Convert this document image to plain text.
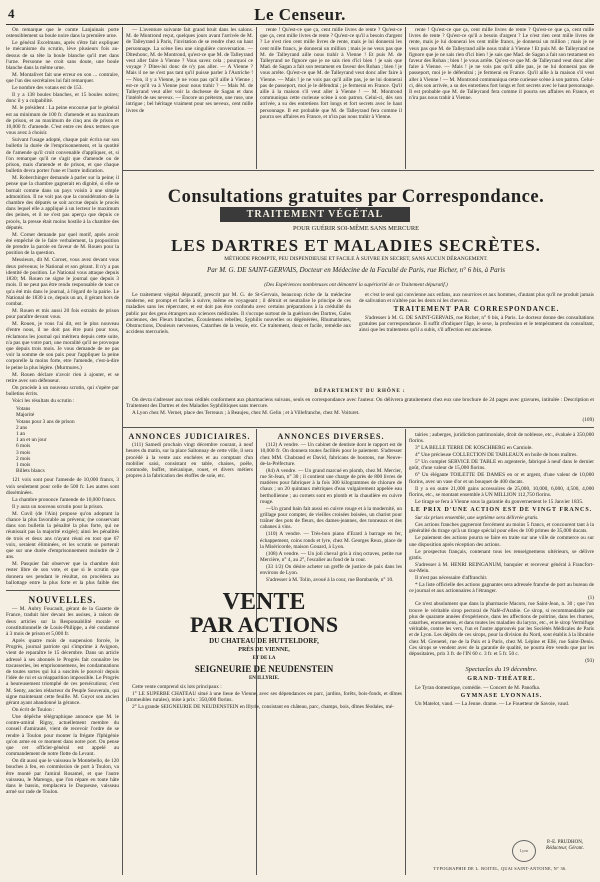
4	Le Censeur.

On remarque que le comte Lanjuinais porte ostensiblement sa boule noire dans la première urne.

Le général Excelmans, après s'être fait expliquer le mécanisme du scrutin, lève plusieurs fois au-dessus de sa tête la boule blanche qu'il met dans l'urne. Personne ne croit sans doute, une boule blanche dans la même urne.

M. Montalivet fait une erreur en son ... contraire, que l'un des secrétaires lui fait remarquer.

Le nombre des votans est de 153.

Il y a 138 boules blanches, et 15 boules noires; donc il y a culpabilité.

M. le président : La peine encourue par le général est au minimum de 100 fr. d'amende et au maximum de prison, et au maximum de cinq ans de prison et 10,000 fr. d'amende. C'est entre ces deux termes que vous avez à choisir.

Suivant l'usage adopté, chaque pair écrira sur son bulletin la durée de l'emprisonnement, et la quotité de l'amende qu'il croit convenable d'appliquer, et, si l'on remarque qu'il ne s'agit que d'amende ou de prison, mais d'amende et de prison, et que chaque bulletin devra porter l'une et l'autre indication.

M. Roberchinger demande à parler sur la peine; il pense que la chambre gagnerait en dignité, si elle se bornait comme dans un pays voisin à une simple admonition. Il ne voit pas que la considération de la chambre des députés se soit accrue depuis le procès dans lequel elle a appliqué à un lecteur le maximum des peines, et il ne s'est pas aperçu que depuis ce procès, la presse était moins hostile à la chambre des députés.

M. Cornet demande par quel motif, après avoir été empêché de le faire verbalement, la proposition de prendre la parole en faveur de M. Rouen pour la position de la question.

Messieurs, dit M. Cornet, vous avez devant vous deux prévenus; le National et son gérant. Il n'y a pas identité de position. Le National vous attaque depuis 1830; M. Rouen ne signe le journal que depuis 3 mois. Il ne peut pas être rendu responsable de tout ce qu'a été mis dans le journal, à l'égard de la pairie. Le National de 1830 à ce, depuis un an, il gérant hors de combat.

M. Rouen et mis aussi 20 fois extraits de prison pour paraître devant vous.

M. Rouen, je vous l'ai dit, est le plus nouveau d'entre nous, il ne doit pas être puni pour tous, réclamons les journal qui méritera depuis cette suite, n'a pas que votre part, une moralité qu'il ne provoque que depuis trois mois. Je vous demande de ne pas voir la somme de son paix pour l'appliquer la peine corporelle la moins forte, etre l'amende, c'est-à-dire le peine la plus légère. (Murmures.)

M. Rouen déclare n'avoir rien à ajouter, et se retire avec son défenseur.

On procède à un nouveau scrutin, qui s'opère par bulletins écrits.

Voici les résultats du scrutin :

Votans
Majorité
Votans pour 3 ans de prison
2 ans
1 an
1 an et un jour
6 mois
3 mois
2 mois
1 mois
Billets blancs

121 voix sont pour l'amende de 10,000 francs, 3 voix seulement pour celle de 500 fr. Les autres sont disséminées.

La chambre prononce l'amende de 10,000 francs.

Il y aura un nouveau scrutin pour la prison.

M. Cuvil (de l'Ain) propose qu'on adoptant la chance la plus favorable au prévenu; (ne conservant dans son bulletin la pénalité la plus forte, qui ne réunissait pas la majorité exigée); ainsi les pénalités de trois et deux ans n'ayant réuni en tout que 67 voix, seraient éliminées, et les scrutin se porterait que sur une durée d'emprisonnement moindre de 2 ans.

M. Pasquier fait observer que la chambre doit rester libre de son vote, et que si le scrutin que donnera ses pendant le résultat, on procédera au ballottage entre la plus forte et la plus faible des

NOUVELLES.

— M. Aubry Foucault, gérant de la Gazette de France, traduit hier devant les assises, à raison de deux articles sur la Responsabilité morale et constitutionnelle de Louis-Philippe, a été condamné à 3 mois de prison et 5,000 fr.

Après quatre mois de suspension forcée, le Progrès, journal patriote qui s'imprime à Avignon, vient de reparaître le 15 décembre. Dans un article adressé à ses abonnés le Progrès fait connaître les tracasseries, les emprisonnemens, les condamnations de toutes sortes qui lui a suscités le pouvoir depuis l'idée de roi et sa réapparition impossible. Le Progrès a heureusement triomphé de ces persécutions; c'est M. Senty, ancien rédacteur du Peuple Souverain, qui signe maintenant cette feuille. M. Guyot son ancien gérant ayant abandonné la gérance.

On écrit de Toulon :

Une dépêche télégraphique annonce que M. le contre-amiral Rigny, actuellement membre du conseil d'amirauté, vient de recevoir l'ordre de se rendre à Toulon pour monter la frégate l'Iphigénie qu'on arme en ce moment dans notre port. On pense que cet officier-général est appelé au commandement de notre flotte du Levant.

On dit aussi que le vaisseau le Montebello, de 120 bouches à feu, en commission de port à Toulon, va être monté par l'amiral Rosamel, et que l'autre vaisseau, le Marengo, que l'on répare en toute hâte dans le bassin, remplacera le Duquesne, vaisseau armé sur rade de Toulon.

— L'aventure suivante fait grand bruit dans les salons. M. de Montrond reçut, quelques jours avant l'arrivée de M. de Talleyrand à Paris, l'invitation de se rendre chez un haut personnage. La scène lieu une singulière conversation. — Diteshonc, M. de Montrond, qu'est-ce que M. de Talleyrand veut aller faire à Vienne ? Vous savez cela ; pourquoi ce voyage ? Dites-lui donc de n'y pas aller. — A Vienne ? Mais il ne ne s'est pas tant qu'il puisse parler à l'Autriche ! — Non, il y a Vienne, je ne vous pas qu'il aille à Vienne ; est-ce qu'il va à Vienne pour nous trahir ? — Mais M. de Talleyrand veut aller voir la duchesse de Sagan et dans l'intérêt de ses neveux. — Encore un prétexte, une ruse, une intrigue ; bel héritage vraiment pour ses neveux, cent mille livres de

rente ! Qu'est-ce que ça, cent mille livres de rente ? Qu'est-ce que ça, cent mille livres de rente ? Qu'est-ce qu'il a besoin d'argent ? Le n'est rien cent mille livres de rente, mais je lui donnerai les cent mille francs, je donnerai un million ; mais je ne veux pas que M. de Talleyrand aille nous trahir à Vienne ! Et puis M. de Talleyrand ne fignore que je ne sais rien d'ici bien ! je sais que Mad. de Sagan a fait son testament en faveur des Rohan ; bien ! je vous arrête. Qu'est-ce que M. de Talleyrand veut donc aller faire à Vienne. — Mais ! je ne vois pas qu'il aille pas, je ne lui donnerai pas de passeport, moi je le défendrai ; je fermerai en France. Qu'il aille à la maison s'il veut aller à Vienne ! — M. Montrond communiqua cette curieuse scène à son patron. Celui-ci, dès son arrivée, a su des entretiens fort longs et fort secrets avec le haut personnage. Il est probable que M. de Talleyrand fera comme il pourra ses affaires en France, et n'ira pas nous trahir à Vienne.

rente ! Qu'est-ce que ça, cent mille livres de rente ? Qu'est-ce que ça, cent mille livres de rente ? Qu'est-ce qu'il a besoin d'argent ? Le n'est rien cent mille livres de rente, mais je lui donnerai les cent mille francs, je donnerai un million ; mais je ne veux pas que M. de Talleyrand aille nous trahir à Vienne ! Et puis M. de Talleyrand ne fignore que je ne sais rien d'ici bien ! je sais que Mad. de Sagan a fait son testament en faveur des Rohan ; bien ! je vous arrête. Qu'est-ce que M. de Talleyrand veut donc aller faire à Vienne. — Mais ! je ne vois pas qu'il aille pas, je ne lui donnerai pas de passeport, moi je le défendrai ; je fermerai en France. Qu'il aille à la maison s'il veut aller à Vienne ! — M. Montrond communiqua cette curieuse scène à son patron. Celui-ci, dès son arrivée, a su des entretiens fort longs et fort secrets avec le haut personnage. Il est probable que M. de Talleyrand fera comme il pourra ses affaires en France, et n'ira pas nous trahir à Vienne.

Consultations gratuites par Correspondance.
TRAITEMENT VÉGÉTAL
POUR GUÉRIR SOI-MÊME SANS MERCURE
LES DARTRES ET MALADIES SECRÈTES.
MÉTHODE PROMPTE, PEU DISPENDIEUSE ET FACILE À SUIVRE EN SECRET, SANS AUCUN DÉRANGEMENT.
Par M. G. DE SAINT-GERVAIS, Docteur en Médecine de la Faculté de Paris, rue Richer, n° 6 bis, à Paris
(Des Expériences nombreuses ont démontré la supériorité de ce Traitement dépuratif.)

Le traitement végétal dépuratif, prescrit par M. G. de St-Gervais, beaucoup riche de la médecine moderne, est prompt et facile à suivre, même en voyageant ; il détruit et neutralise le principe de ces maladies sans les répercuter, et est doit pas être confondu avec certains préparations à la crédulité du public par des gens étrangers aux sciences médicales. Il s'occupe surtout de la guérison des Dartres, Gales anciennes, des Fleurs blanches, Écoulemens rebelles, Syphilis nouvelles ou dégénérées, Rhumatismes, Obstructions, Douleurs nerveuses, Catarrhes de la vessie, etc. Ce traitement, doux et facile, remédie aux accidens mercuriels.

et c'est le seul qui convienne aux enfans, aux nourrices et aux hommes, d'autant plus qu'il ne produit jamais de salivation et n'altère pas les dents ni les cheveux.

TRAITEMENT PAR CORRESPONDANCE.

S'adresser à M. G. DE SAINT-GERVAIS, rue Richer, n° 6 bis, à Paris. Le docteur donne des consultations gratuites par correspondance. Il suffit d'indiquer l'âge, le sexe, la profession et le tempérament du consultant, ainsi que les traitemens qu'il a subis, s'il affection est ancienne.

DÉPARTEMENT DU RHÔNE :

On devra s'adresser aux tous cédités conforment aux pharmaciens suivans, seuls en correspondance avec l'auteur. On délivrera gratuitement chez eux une brochure de 24 pages avec gravures, intitulée : Description et Traitement des Dartres et des Maladies Syphilitiques sans mercure.

A Lyon chez M. Vernet, place des Terreaux ; à Beaujeu, chez M. Gelin ; et à Villefranche, chez M. Voituret.

(109)
ANNONCES JUDICIAIRES.

(111) Samedi prochain vingt décembre courant, à neuf heures du matin, sur la place Saltonnay de cette ville, il sera procédé à la vente aux enchères et au comptant d'un mobilier saisi, consistant en table, chaises, poêle, commode, buffet, mécanique, rouet, et divers métiers propres à la fabrication des étoffes de soie, etc.

ANNONCES DIVERSES.

(112) A vendre. — Un cabinet de dentiste dont le rapport est de 10,000 fr. On donnera toutes facilités pour le paiement. S'adresser chez MM. Chabrand et David, fabricans de boutons, rue Neuve-de-la-Préfecture.

(84) A vendre. — Un grand marcué en plomb, chez M. Mercier, rue St-Jean, n° 30 ; il contient une charge de près de 800 livres de matières pour fabriquer à la fois 300 kilogrammes de chlorure de chaux ; un 20 quintaux métriques d'eau vulgairement appelée eau berthollienne ; au cornets sont en plomb et la chaudière en cuivre rouge.

—Un grand bain fait aussi en cuivre rouge et à la modernité, un grillage pour compter, de vieilles croisées boisées, un chariot pour traîner des pots de fleurs, des dames-jeannes, des tonneaux et des cabanes à vins.

(110) A vendre. — Très-bon piano d'Erard à barrage en fer, échappement, coins ronds et lyre, chez M. Georges Reux, place de la Miséricorde, maison Gouard, à Lyon.

(108) A vendre. — Un joli cheval gris à cinq octaves, petite rue Mercière, n° 4, au 2°, l'escalier au fond de la cour.

(33 1/2) On désire acheter un greffe de justice de paix dans les environs de Lyon.

S'adresser à M. Tolin, avoué à la cour, rue Bombarde, n° 10.

VENTE
PAR ACTIONS
DU CHATEAU DE HUTTELDORF,
PRÈS DE VIENNE,
ET DE LA
SEIGNEURIE DE NEUDENSTEIN
EN ILLYRIE.

Cette vente comprend six lots principaux :

1° LE SUPERBE CHATEAU situé à une lieue de Vienne, avec ses dépendances en parc, jardins, forêts, bois-fonds, et dîmes (Immeubles rurales), mise à prix : 350,000 florins.

2° La grande SEIGNEURIE DE NEUDENSTEIN en Illyrie, consistant en château, parc, champs, bois, dîmes féodales, mé-

tairies ; auberges, juridiction patrimoniale, droit de noblesse, etc., évaluée à 350,000 florins.

3° LA BELLE TERRE DE KOSCHBERG en Carniole.

4° Une précieuse COLLECTION DE TABLEAUX en huile de bons maîtres.

5° Un complet SERVICE DE TABLE en argenterie, fabriqué à neuf dans le dernier goût, d'une valeur de 15,000 florins.

6° Un élégante TOILETTE DE DAMES en or et argent, d'une valeur de 10,000 florins, avec un vase d'or et un bouquet de 400 ducats.

Il y a en outre 21,000 gains accessoires de 25,000, 10,000, 6,000, 4,500, 4,000 florins, etc., se montant ensemble à UN MILLION 112,750 florins.

Le tirage se fera à Vienne sous la garantie du gouvernement le 15 Janvier 1835.

LE PRIX D'UNE ACTION EST DE VINGT FRANCS.

Sur six prises ensemble, une septième sera délivrée gratis.

Ces actions franches gagneront forcément au moins 5 francs, et concourent tant à la généralité du tirage qu'à un tirage spécial pour elles de 100 primes de 35,000 ducats.

Le paiement des actions pourra se faire en traite sur une ville de commerce ou sur une disposition après réception des actions.

Le prospectus français, contenant tous les renseignemens ultérieurs, se délivre gratis.

S'adresser à M. HENRI REINGANUM, banquier et receveur général à Francfort-sur-Mein.

Il n'est pas nécessaire d'affranchir.

* La liste officielle des actions gagnantes sera adressée franche de port au bureau de ce journal et aux actionnaires à l'étranger.

(1)

Ce n'est absolument que dans la pharmacie Macors, rue Saint-Jean, n. 30 ; que l'on trouve le véritable sirop pectoral de Nafé-d'Arabie. Ce sirop, si recommandable par plus de quarante années d'expérience, dans les affections de poitrine, dans les rhumes, catarrhes, enrouemens, et dans toutes les maladies du larynx, etc., et le sirop Vermifuge véritable, contre les vers, l'un et l'autre approuvés par les Sociétés Médicales de Paris et de Lyon. Les dépôts de ces sirops, pour la division du Nord, sont établis à la librairie chez M. Grenetel, rue de la Paix et à Paris, chez M. Lépine et Ellé, rue Saint-Denis. Ces sirops se vendent avec de la garantie de qualité, ne pourra être vendu que par les dépositaires, prix 3 fr. de l'IN 60 c. 3 fr. et 5 fr. 50 c.

(93)
Spectacles du 19 décembre.
GRAND-THÉATRE.

Le Tyran domestique, comédie. — Concert de M. Panofka.

GYMNASE LYONNAIS.

Un Matelot, vaud. — La Jeune. drame. — Le Fouetteur de Savoie, vaud.

Lyon
P.-E. PRUDHON,
Rédacteur, Gérant.
TYPOGRAPHIE DE L. BOITEL, QUAI SAINT-ANTOINE, N° 36.
